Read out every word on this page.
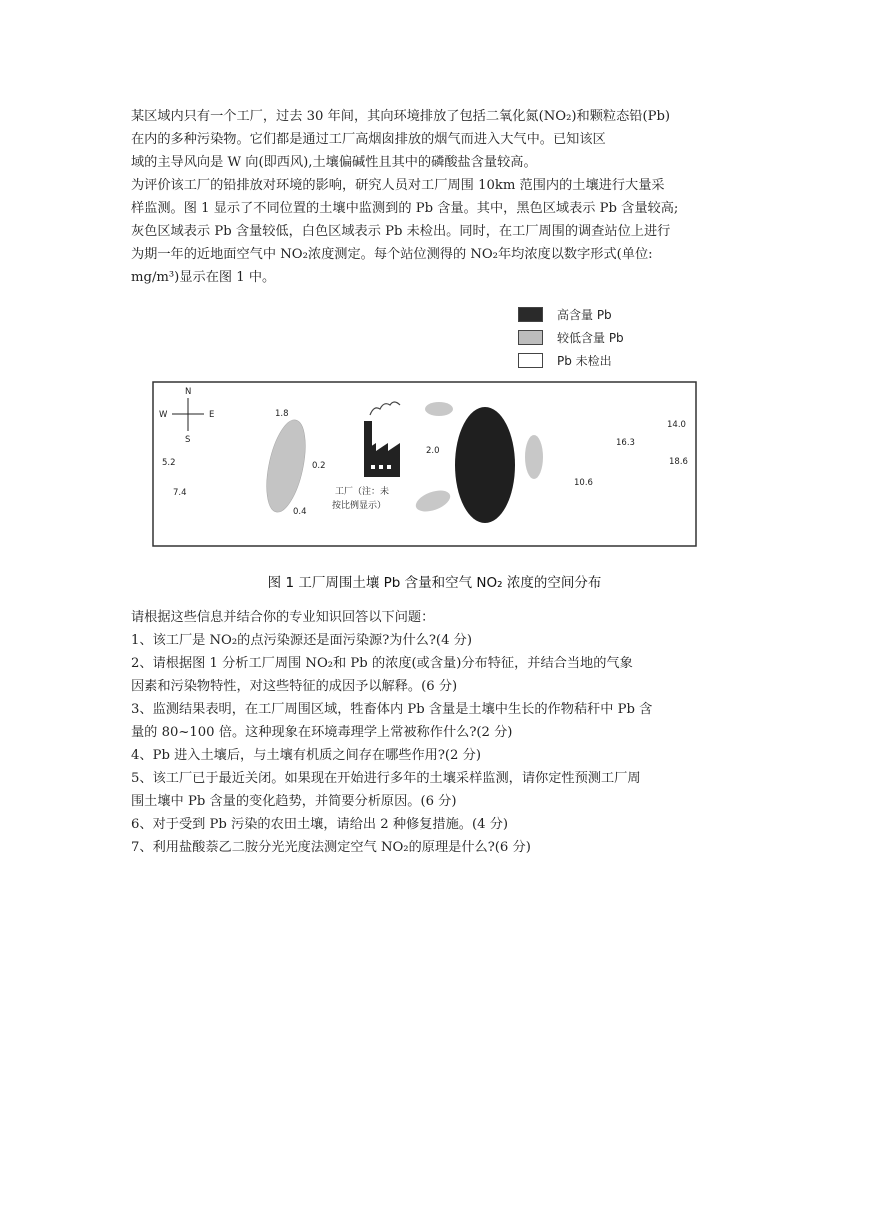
某区域内只有一个工厂，过去 30 年间，其向环境排放了包括二氧化氮(NO₂)和颗粒态铅(Pb)

在内的多种污染物。它们都是通过工厂高烟囱排放的烟气而进入大气中。已知该区

域的主导风向是 W 向(即西风),土壤偏碱性且其中的磷酸盐含量较高。

为评价该工厂的铅排放对环境的影响，研究人员对工厂周围 10km 范围内的土壤进行大量采

样监测。图 1 显示了不同位置的土壤中监测到的 Pb 含量。其中，黑色区域表示 Pb 含量较高;

灰色区域表示 Pb 含量较低，白色区域表示 Pb 未检出。同时，在工厂周围的调查站位上进行

为期一年的近地面空气中 NO₂浓度测定。每个站位测得的 NO₂年均浓度以数字形式(单位:

mg/m³)显示在图 1 中。

高含量 Pb
较低含量 Pb
Pb 未检出
N
S
W	E
工厂（注：未
按比例显示）
1.8
5.2	0.2
7.4
0.4
2.0
10.6
16.3
14.0
18.6
图 1 工厂周围土壤 Pb 含量和空气 NO₂ 浓度的空间分布

请根据这些信息并结合你的专业知识回答以下问题：

1、该工厂是 NO₂的点污染源还是面污染源?为什么?(4 分)

2、请根据图 1 分析工厂周围 NO₂和 Pb 的浓度(或含量)分布特征，并结合当地的气象

因素和污染物特性，对这些特征的成因予以解释。(6 分)

3、监测结果表明，在工厂周围区域，牲畜体内 Pb 含量是土壤中生长的作物秸秆中 Pb 含

量的 80~100 倍。这种现象在环境毒理学上常被称作什么?(2 分)

4、Pb 进入土壤后，与土壤有机质之间存在哪些作用?(2 分)

5、该工厂已于最近关闭。如果现在开始进行多年的土壤采样监测，请你定性预测工厂周

围土壤中 Pb 含量的变化趋势，并简要分析原因。(6 分)

6、对于受到 Pb 污染的农田土壤，请给出 2 种修复措施。(4 分)

7、利用盐酸萘乙二胺分光光度法测定空气 NO₂的原理是什么?(6 分)
